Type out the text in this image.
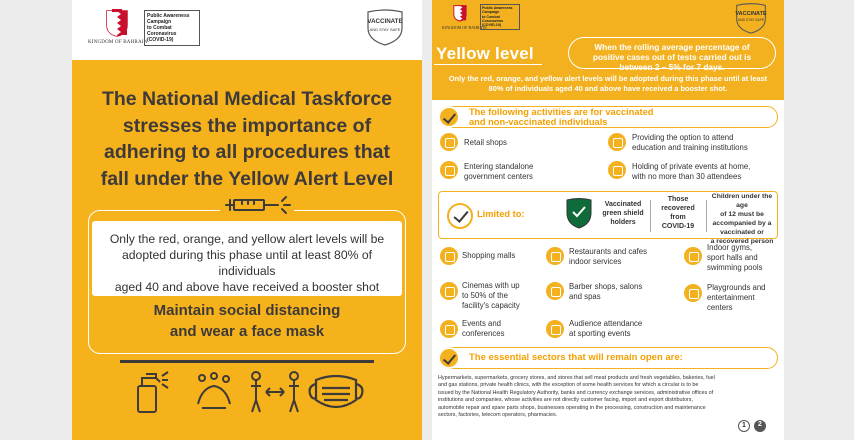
KINGDOM OF BAHRAIN
Public Awareness
Campaign
to Combat
Coronavirus
(COVID-19)
VACCINATE
AND STAY SAFE
The National Medical Taskforce
stresses the importance of
adhering to all procedures that
fall under the Yellow Alert Level
Only the red, orange, and yellow alert levels will be
adopted during this phase until at least 80% of individuals
aged 40 and above have received a booster shot
Maintain social distancing
and wear a face mask
KINGDOM OF BAHRAIN
Public Awareness
Campaign
to Combat
Coronavirus
(COVID-19)
VACCINATE
AND STAY SAFE
Yellow level	When the rolling average percentage of
positive cases out of tests carried out is
between 2 – 5% for 7 days.
Only the red, orange, and yellow alert levels will be adopted during this phase until at least
80% of individuals aged 40 and above have received a booster shot.
The following activities are for vaccinated
and non-vaccinated individuals
Retail shops
Providing the option to attend
education and training institutions
Entering standalone
government centers
Holding of private events at home,
with no more than 30 attendees
Limited to:
Vaccinated
green shield
holders
Those
recovered
from
COVID-19
Children under the age
of 12 must be
accompanied by a
vaccinated or
a recovered person
Shopping malls	Restaurants and cafes
indoor services
Indoor gyms,
sport halls and
swimming pools
Cinemas with up
to 50% of the
facility's capacity
Barber shops, salons
and spas
Playgrounds and
entertainment
centers
Events and
conferences
Audience attendance
at sporting events
The essential sectors that will remain open are:
Hypermarkets, supermarkets, grocery stores, and stores that sell meat products and fresh vegetables, bakeries, fuel
and gas stations, private health clinics, with the exception of some health services for which a circular is to be
issued by the National Health Regulatory Authority, banks and currency exchange services, administrative offices of
institutions and companies, whose activities are not directly customer facing, import and export distributors,
automobile repair and spare parts shops, businesses operating in the processing, construction and maintenance
sectors, factories, telecom operators, pharmacies.
1	2
